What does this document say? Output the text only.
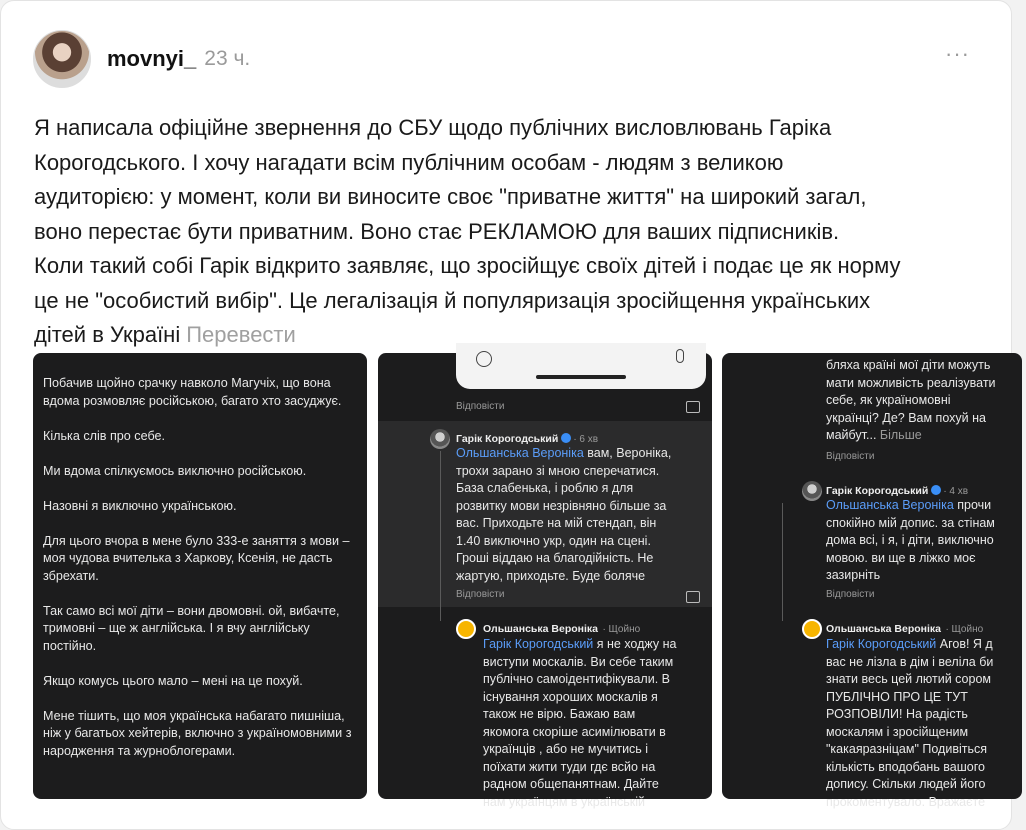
movnyi_ 23 ч.	···
Я написала офіційне звернення до СБУ щодо публічних висловлювань Гаріка
Корогодського. І хочу нагадати всім публічним особам - людям з великою
аудиторією: у момент, коли ви виносите своє "приватне життя" на широкий загал,
воно перестає бути приватним. Воно стає РЕКЛАМОЮ для ваших підписників.
Коли такий собі Гарік відкрито заявляє, що зросійщує своїх дітей і подає це як норму
це не "особистий вибір". Це легалізація й популяризація зросійщення українських
дітей в Україні Перевести

Побачив щойно срачку навколо Магучіх, що вона вдома розмовляє російською, багато хто засуджує.

Кілька слів про себе.

Ми вдома спілкуємось виключно російською.

Назовні я виключно українською.

Для цього вчора в мене було 333-е заняття з мови – моя чудова вчителька з Харкову, Ксенія, не дасть збрехати.

Так само всі мої діти – вони двомовні. ой, вибачте, тримовні – ще ж англійська. І я вчу англійську постійно.

Якщо комусь цього мало – мені на це похуй.

Мене тішить, що моя українська набагато пишніша, ніж у багатьох хейтерів, включно з україномовними з народження та журноблогерами.

Відповісти
Гарік Корогодський · 6 хв
Ольшанська Вероніка вам, Вероніка,
трохи зарано зі мною сперечатися.
База слабенька, і роблю я для
розвитку мови незрівняно більше за
вас. Приходьте на мій стендап, він
1.40 виключно укр, один на сцені.
Гроші віддаю на благодійність. Не
жартую, приходьте. Буде боляче
Відповісти
Ольшанська Вероніка · Щойно
Гарік Корогодський я не ходжу на
виступи москалів. Ви себе таким
публічно самоідентифікували. В
існування хороших москалів я
також не вірю. Бажаю вам
якомога скоріше асимілювати в
українців , або не мучитись і
поїхати жити туди гдє всйо на
радном общепанятнам. Дайте
нам українцям в українській
бляха країні мої діти можуть
мати можливість реалізувати
себе, як україномовні
українці? Де? Вам похуй на
майбут... Більше
Відповісти
Гарік Корогодський · 4 хв
Ольшанська Вероніка прочи
спокійно мій допис. за стінам
дома всі, і я, і діти, виключно
мовою. ви ще в ліжко моє
зазирніть
Відповісти
Ольшанська Вероніка · Щойно
Гарік Корогодський Агов! Я д
вас не лізла в дім і веліла би
знати весь цей лютий сором
ПУБЛІЧНО ПРО ЦЕ ТУТ
РОЗПОВІЛИ! На радість
москалям і зросійщеним
"какаяразніцам" Подивіться
кількість вподобань вашого
допису. Скільки людей його
прокоментувало. Вражаєте
